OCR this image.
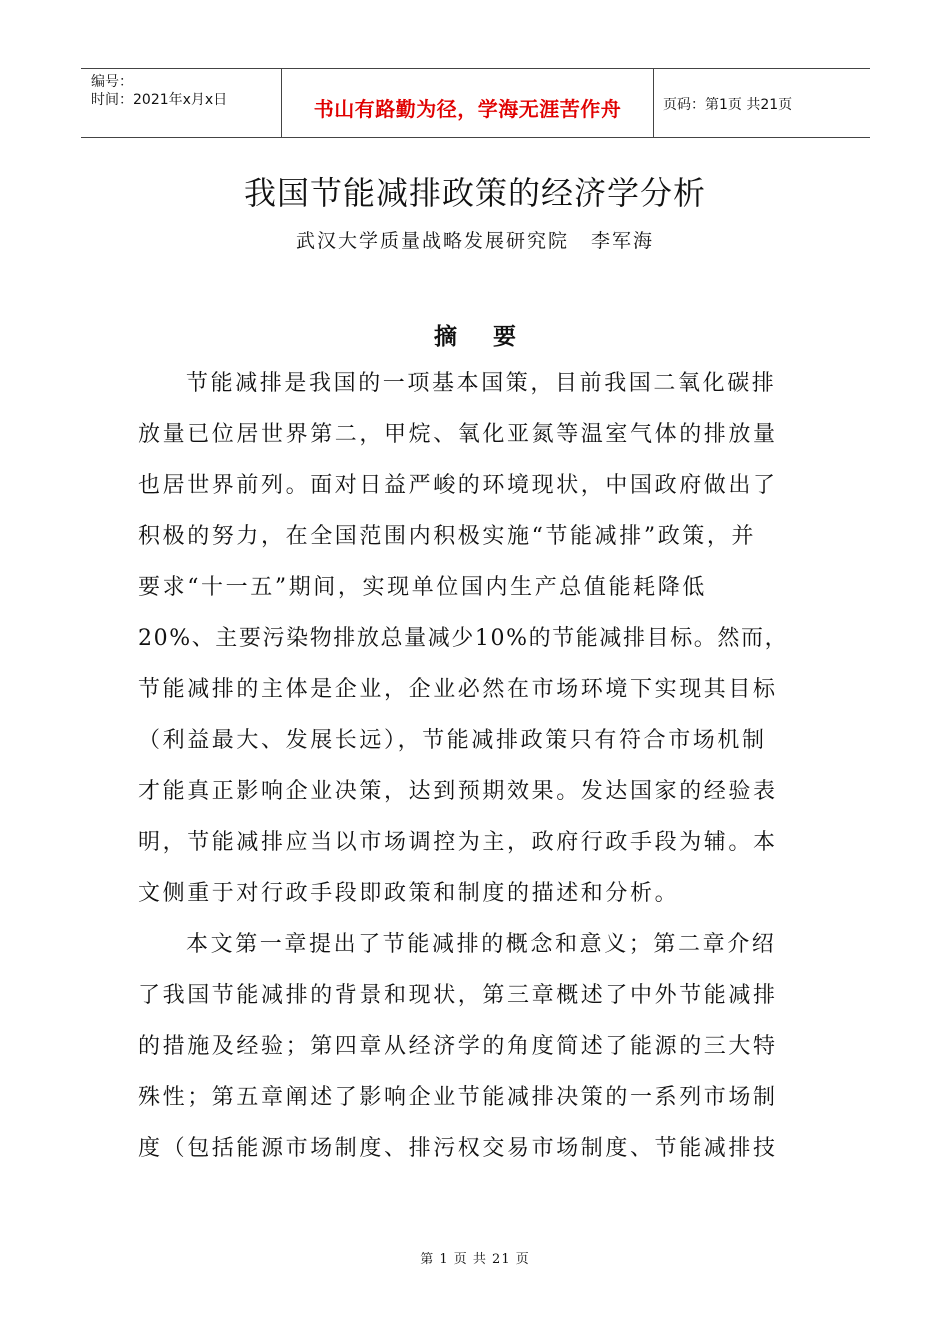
编号：
时间：2021年x月x日	书山有路勤为径，学海无涯苦作舟	页码：第1页 共21页
我国节能减排政策的经济学分析
武汉大学质量战略发展研究院 李军海
摘要
节能减排是我国的一项基本国策，目前我国二氧化碳排
放量已位居世界第二，甲烷、氧化亚氮等温室气体的排放量
也居世界前列。面对日益严峻的环境现状，中国政府做出了
积极的努力，在全国范围内积极实施“节能减排”政策，并
要求“十一五”期间，实现单位国内生产总值能耗降低
20%、主要污染物排放总量减少10%的节能减排目标。然而，
节能减排的主体是企业，企业必然在市场环境下实现其目标
（利益最大、发展长远），节能减排政策只有符合市场机制
才能真正影响企业决策，达到预期效果。发达国家的经验表
明，节能减排应当以市场调控为主，政府行政手段为辅。本
文侧重于对行政手段即政策和制度的描述和分析。
本文第一章提出了节能减排的概念和意义；第二章介绍
了我国节能减排的背景和现状，第三章概述了中外节能减排
的措施及经验；第四章从经济学的角度简述了能源的三大特
殊性；第五章阐述了影响企业节能减排决策的一系列市场制
度（包括能源市场制度、排污权交易市场制度、节能减排技
第 1 页 共 21 页
